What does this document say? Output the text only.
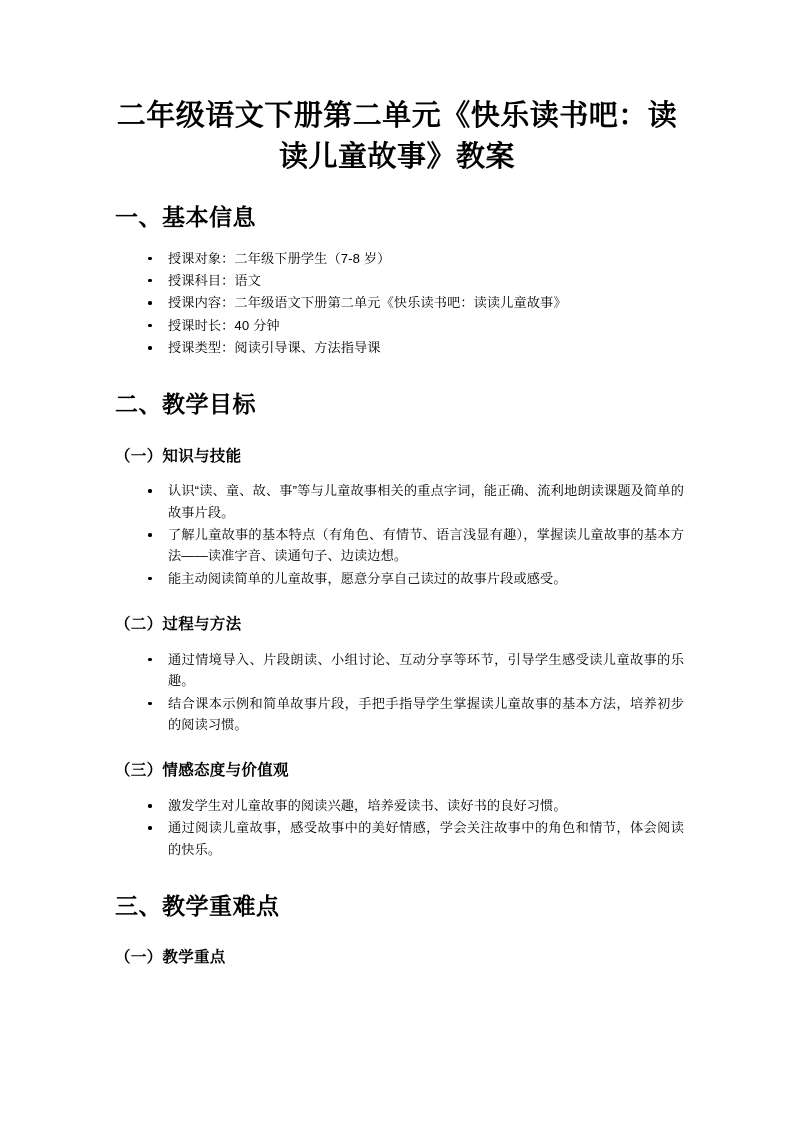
二年级语文下册第二单元《快乐读书吧：读读儿童故事》教案
一、基本信息
授课对象：二年级下册学生（7-8 岁）
授课科目：语文
授课内容：二年级语文下册第二单元《快乐读书吧：读读儿童故事》
授课时长：40 分钟
授课类型：阅读引导课、方法指导课
二、教学目标
（一）知识与技能
认识“读、童、故、事”等与儿童故事相关的重点字词，能正确、流利地朗读课题及简单的故事片段。
了解儿童故事的基本特点（有角色、有情节、语言浅显有趣），掌握读儿童故事的基本方法——读准字音、读通句子、边读边想。
能主动阅读简单的儿童故事，愿意分享自己读过的故事片段或感受。
（二）过程与方法
通过情境导入、片段朗读、小组讨论、互动分享等环节，引导学生感受读儿童故事的乐趣。
结合课本示例和简单故事片段，手把手指导学生掌握读儿童故事的基本方法，培养初步的阅读习惯。
（三）情感态度与价值观
激发学生对儿童故事的阅读兴趣，培养爱读书、读好书的良好习惯。
通过阅读儿童故事，感受故事中的美好情感，学会关注故事中的角色和情节，体会阅读的快乐。
三、教学重难点
（一）教学重点
